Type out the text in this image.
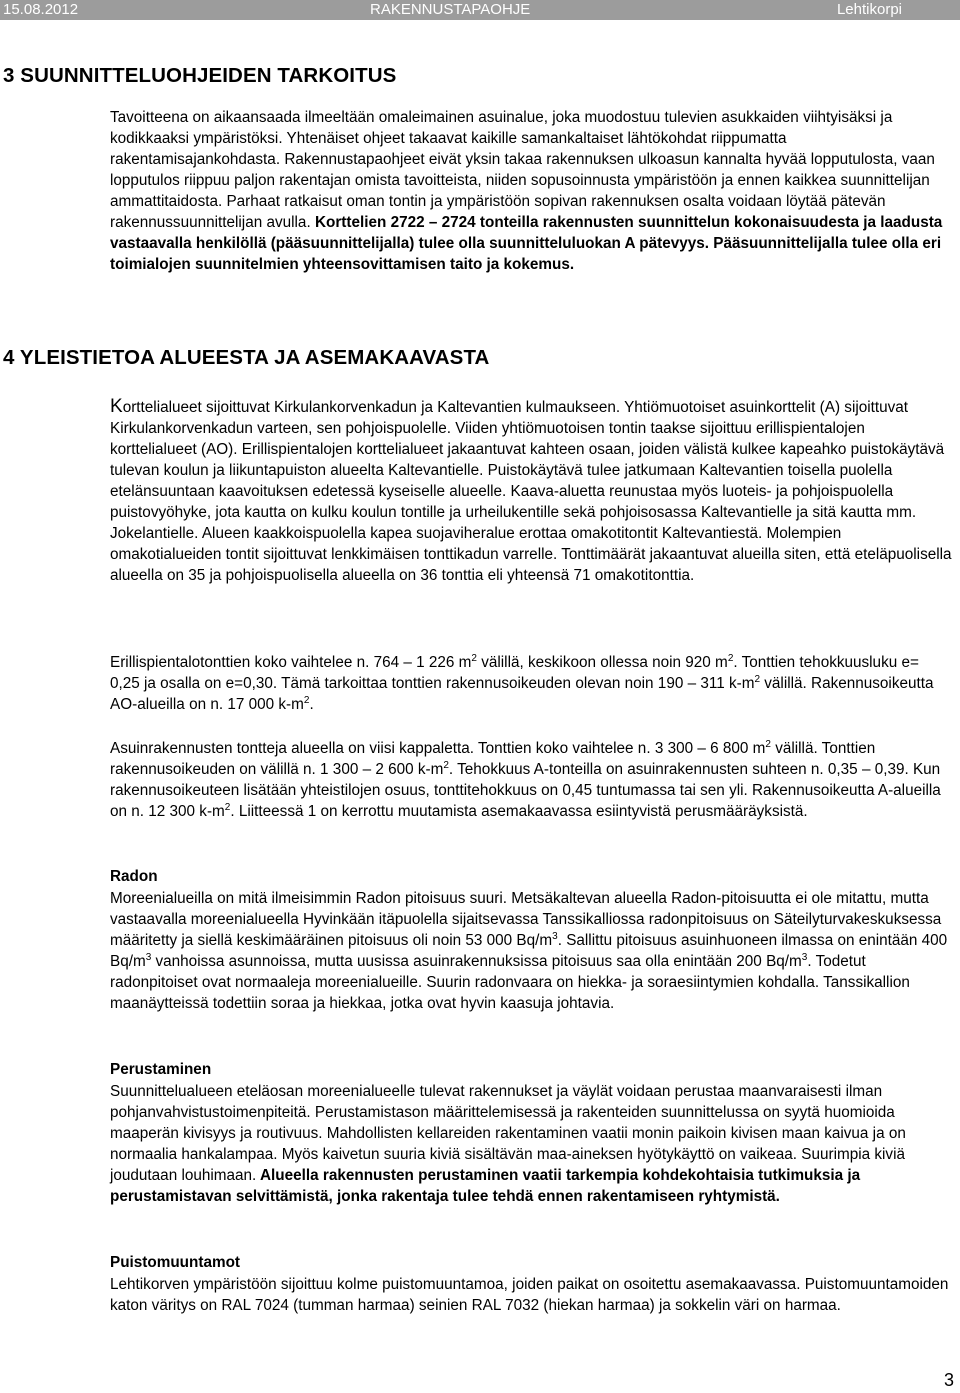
15.08.2012	RAKENNUSTAPAOHJE	Lehtikorpi
3 SUUNNITTELUOHJEIDEN TARKOITUS

Tavoitteena on aikaansaada ilmeeltään omaleimainen asuinalue, joka muodostuu tulevien asukkaiden viihtyisäksi ja kodikkaaksi ympäristöksi. Yhtenäiset ohjeet takaavat kaikille samankaltaiset lähtökohdat riippumatta rakentamisajankohdasta. Rakennustapaohjeet eivät yksin takaa rakennuksen ulkoasun kannalta hyvää lopputulosta, vaan lopputulos riippuu paljon rakentajan omista tavoitteista, niiden sopusoinnusta ympäristöön ja ennen kaikkea suunnittelijan ammattitaidosta. Parhaat ratkaisut oman tontin ja ympäristöön sopivan rakennuksen osalta voidaan löytää pätevän rakennussuunnittelijan avulla. Korttelien 2722 – 2724 tonteilla rakennusten suunnittelun kokonaisuudesta ja laadusta vastaavalla henkilöllä (pääsuunnittelijalla) tulee olla suunnitteluluokan A pätevyys. Pääsuunnittelijalla tulee olla eri toimialojen suunnitelmien yhteensovittamisen taito ja kokemus.

4 YLEISTIETOA ALUEESTA JA ASEMAKAAVASTA

Korttelialueet sijoittuvat Kirkulankorvenkadun ja Kaltevantien kulmaukseen. Yhtiömuotoiset asuinkorttelit (A) sijoittuvat Kirkulankorvenkadun varteen, sen pohjoispuolelle. Viiden yhtiömuotoisen tontin taakse sijoittuu erillispientalojen korttelialueet (AO). Erillispientalojen korttelialueet jakaantuvat kahteen osaan, joiden välistä kulkee kapeahko puistokäytävä tulevan koulun ja liikuntapuiston alueelta Kaltevantielle. Puistokäytävä tulee jatkumaan Kaltevantien toisella puolella etelänsuuntaan kaavoituksen edetessä kyseiselle alueelle. Kaava-aluetta reunustaa myös luoteis- ja pohjoispuolella puistovyöhyke, jota kautta on kulku koulun tontille ja urheilukentille sekä pohjoisosassa Kaltevantielle ja sitä kautta mm. Jokelantielle. Alueen kaakkoispuolella kapea suojaviheralue erottaa omakotitontit Kaltevantiestä. Molempien omakotialueiden tontit sijoittuvat lenkkimäisen tonttikadun varrelle. Tonttimäärät jakaantuvat alueilla siten, että eteläpuolisella alueella on 35 ja pohjoispuolisella alueella on 36 tonttia eli yhteensä 71 omakotitonttia.

Erillispientalotonttien koko vaihtelee n. 764 – 1 226 $m^2$ välillä, keskikoon ollessa noin 920 $m^2$. Tonttien tehokkuusluku e= 0,25 ja osalla on e=0,30. Tämä tarkoittaa tonttien rakennusoikeuden olevan noin 190 – 311 $k-m^2$ välillä. Rakennusoikeutta AO-alueilla on n. 17 000 $k-m^2$.

Asuinrakennusten tontteja alueella on viisi kappaletta. Tonttien koko vaihtelee n. 3 300 – 6 800 $m^2$ välillä. Tonttien rakennusoikeuden on välillä n. 1 300 – 2 600 $k-m^2$. Tehokkuus A-tonteilla on asuinrakennusten suhteen n. 0,35 – 0,39. Kun rakennusoikeuteen lisätään yhteistilojen osuus, tonttitehokkuus on 0,45 tuntumassa tai sen yli. Rakennusoikeutta A-alueilla on n. 12 300 $k-m^2$. Liitteessä 1 on kerrottu muutamista asemakaavassa esiintyvistä perusmääräyksistä.

Radon

Moreenialueilla on mitä ilmeisimmin Radon pitoisuus suuri. Metsäkaltevan alueella Radon-pitoisuutta ei ole mitattu, mutta vastaavalla moreenialueella Hyvinkään itäpuolella sijaitsevassa Tanssikalliossa radonpitoisuus on Säteilyturvakeskuksessa määritetty ja siellä keskimääräinen pitoisuus oli noin 53 000 $Bq/m^3$. Sallittu pitoisuus asuinhuoneen ilmassa on enintään 400 $Bq/m^3$ vanhoissa asunnoissa, mutta uusissa asuinrakennuksissa pitoisuus saa olla enintään 200 $Bq/m^3$. Todetut radonpitoiset ovat normaaleja moreenialueille. Suurin radonvaara on hiekka- ja soraesiintymien kohdalla. Tanssikallion maanäytteissä todettiin soraa ja hiekkaa, jotka ovat hyvin kaasuja johtavia.

Perustaminen

Suunnittelualueen eteläosan moreenialueelle tulevat rakennukset ja väylät voidaan perustaa maanvaraisesti ilman pohjanvahvistustoimenpiteitä. Perustamistason määrittelemisessä ja rakenteiden suunnittelussa on syytä huomioida maaperän kivisyys ja routivuus. Mahdollisten kellareiden rakentaminen vaatii monin paikoin kivisen maan kaivua ja on normaalia hankalampaa. Myös kaivetun suuria kiviä sisältävän maa-aineksen hyötykäyttö on vaikeaa. Suurimpia kiviä joudutaan louhimaan. Alueella rakennusten perustaminen vaatii tarkempia kohdekohtaisia tutkimuksia ja perustamistavan selvittämistä, jonka rakentaja tulee tehdä ennen rakentamiseen ryhtymistä.

Puistomuuntamot

Lehtikorven ympäristöön sijoittuu kolme puistomuuntamoa, joiden paikat on osoitettu asemakaavassa. Puistomuuntamoiden katon väritys on RAL 7024 (tumman harmaa) seinien RAL 7032 (hiekan harmaa) ja sokkelin väri on harmaa.

3
